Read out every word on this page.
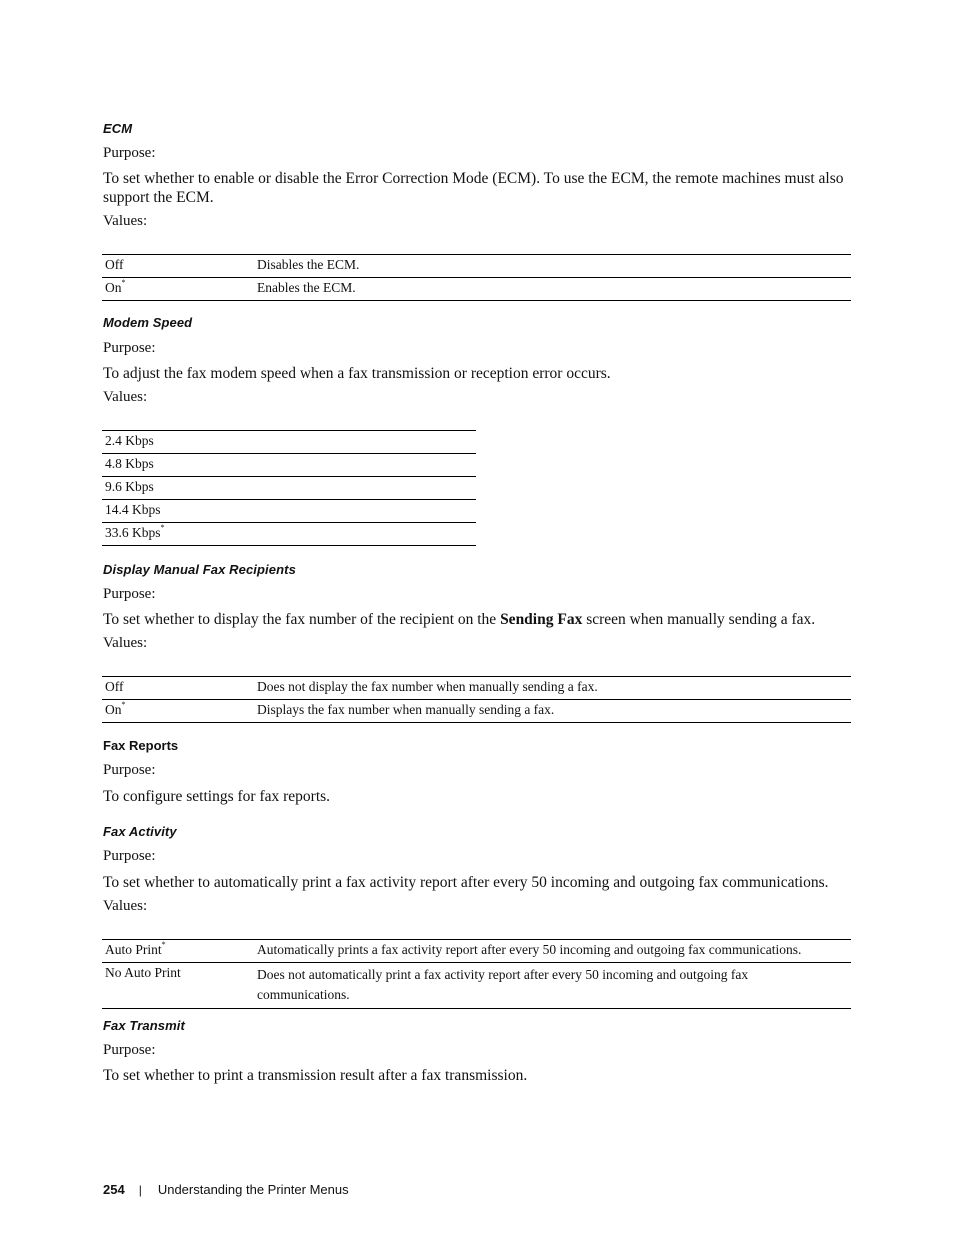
ECM
Purpose:
To set whether to enable or disable the Error Correction Mode (ECM). To use the ECM, the remote machines must also support the ECM.
Values:
Off	Disables the ECM.
On*	Enables the ECM.
Modem Speed
Purpose:
To adjust the fax modem speed when a fax transmission or reception error occurs.
Values:
2.4 Kbps
4.8 Kbps
9.6 Kbps
14.4 Kbps
33.6 Kbps*
Display Manual Fax Recipients
Purpose:
To set whether to display the fax number of the recipient on the Sending Fax screen when manually sending a fax.
Values:
Off	Does not display the fax number when manually sending a fax.
On*	Displays the fax number when manually sending a fax.
Fax Reports
Purpose:
To configure settings for fax reports.
Fax Activity
Purpose:
To set whether to automatically print a fax activity report after every 50 incoming and outgoing fax communications.
Values:
Auto Print*	Automatically prints a fax activity report after every 50 incoming and outgoing fax communications.
No Auto Print	Does not automatically print a fax activity report after every 50 incoming and outgoing fax communications.
Fax Transmit
Purpose:
To set whether to print a transmission result after a fax transmission.
254 | Understanding the Printer Menus
